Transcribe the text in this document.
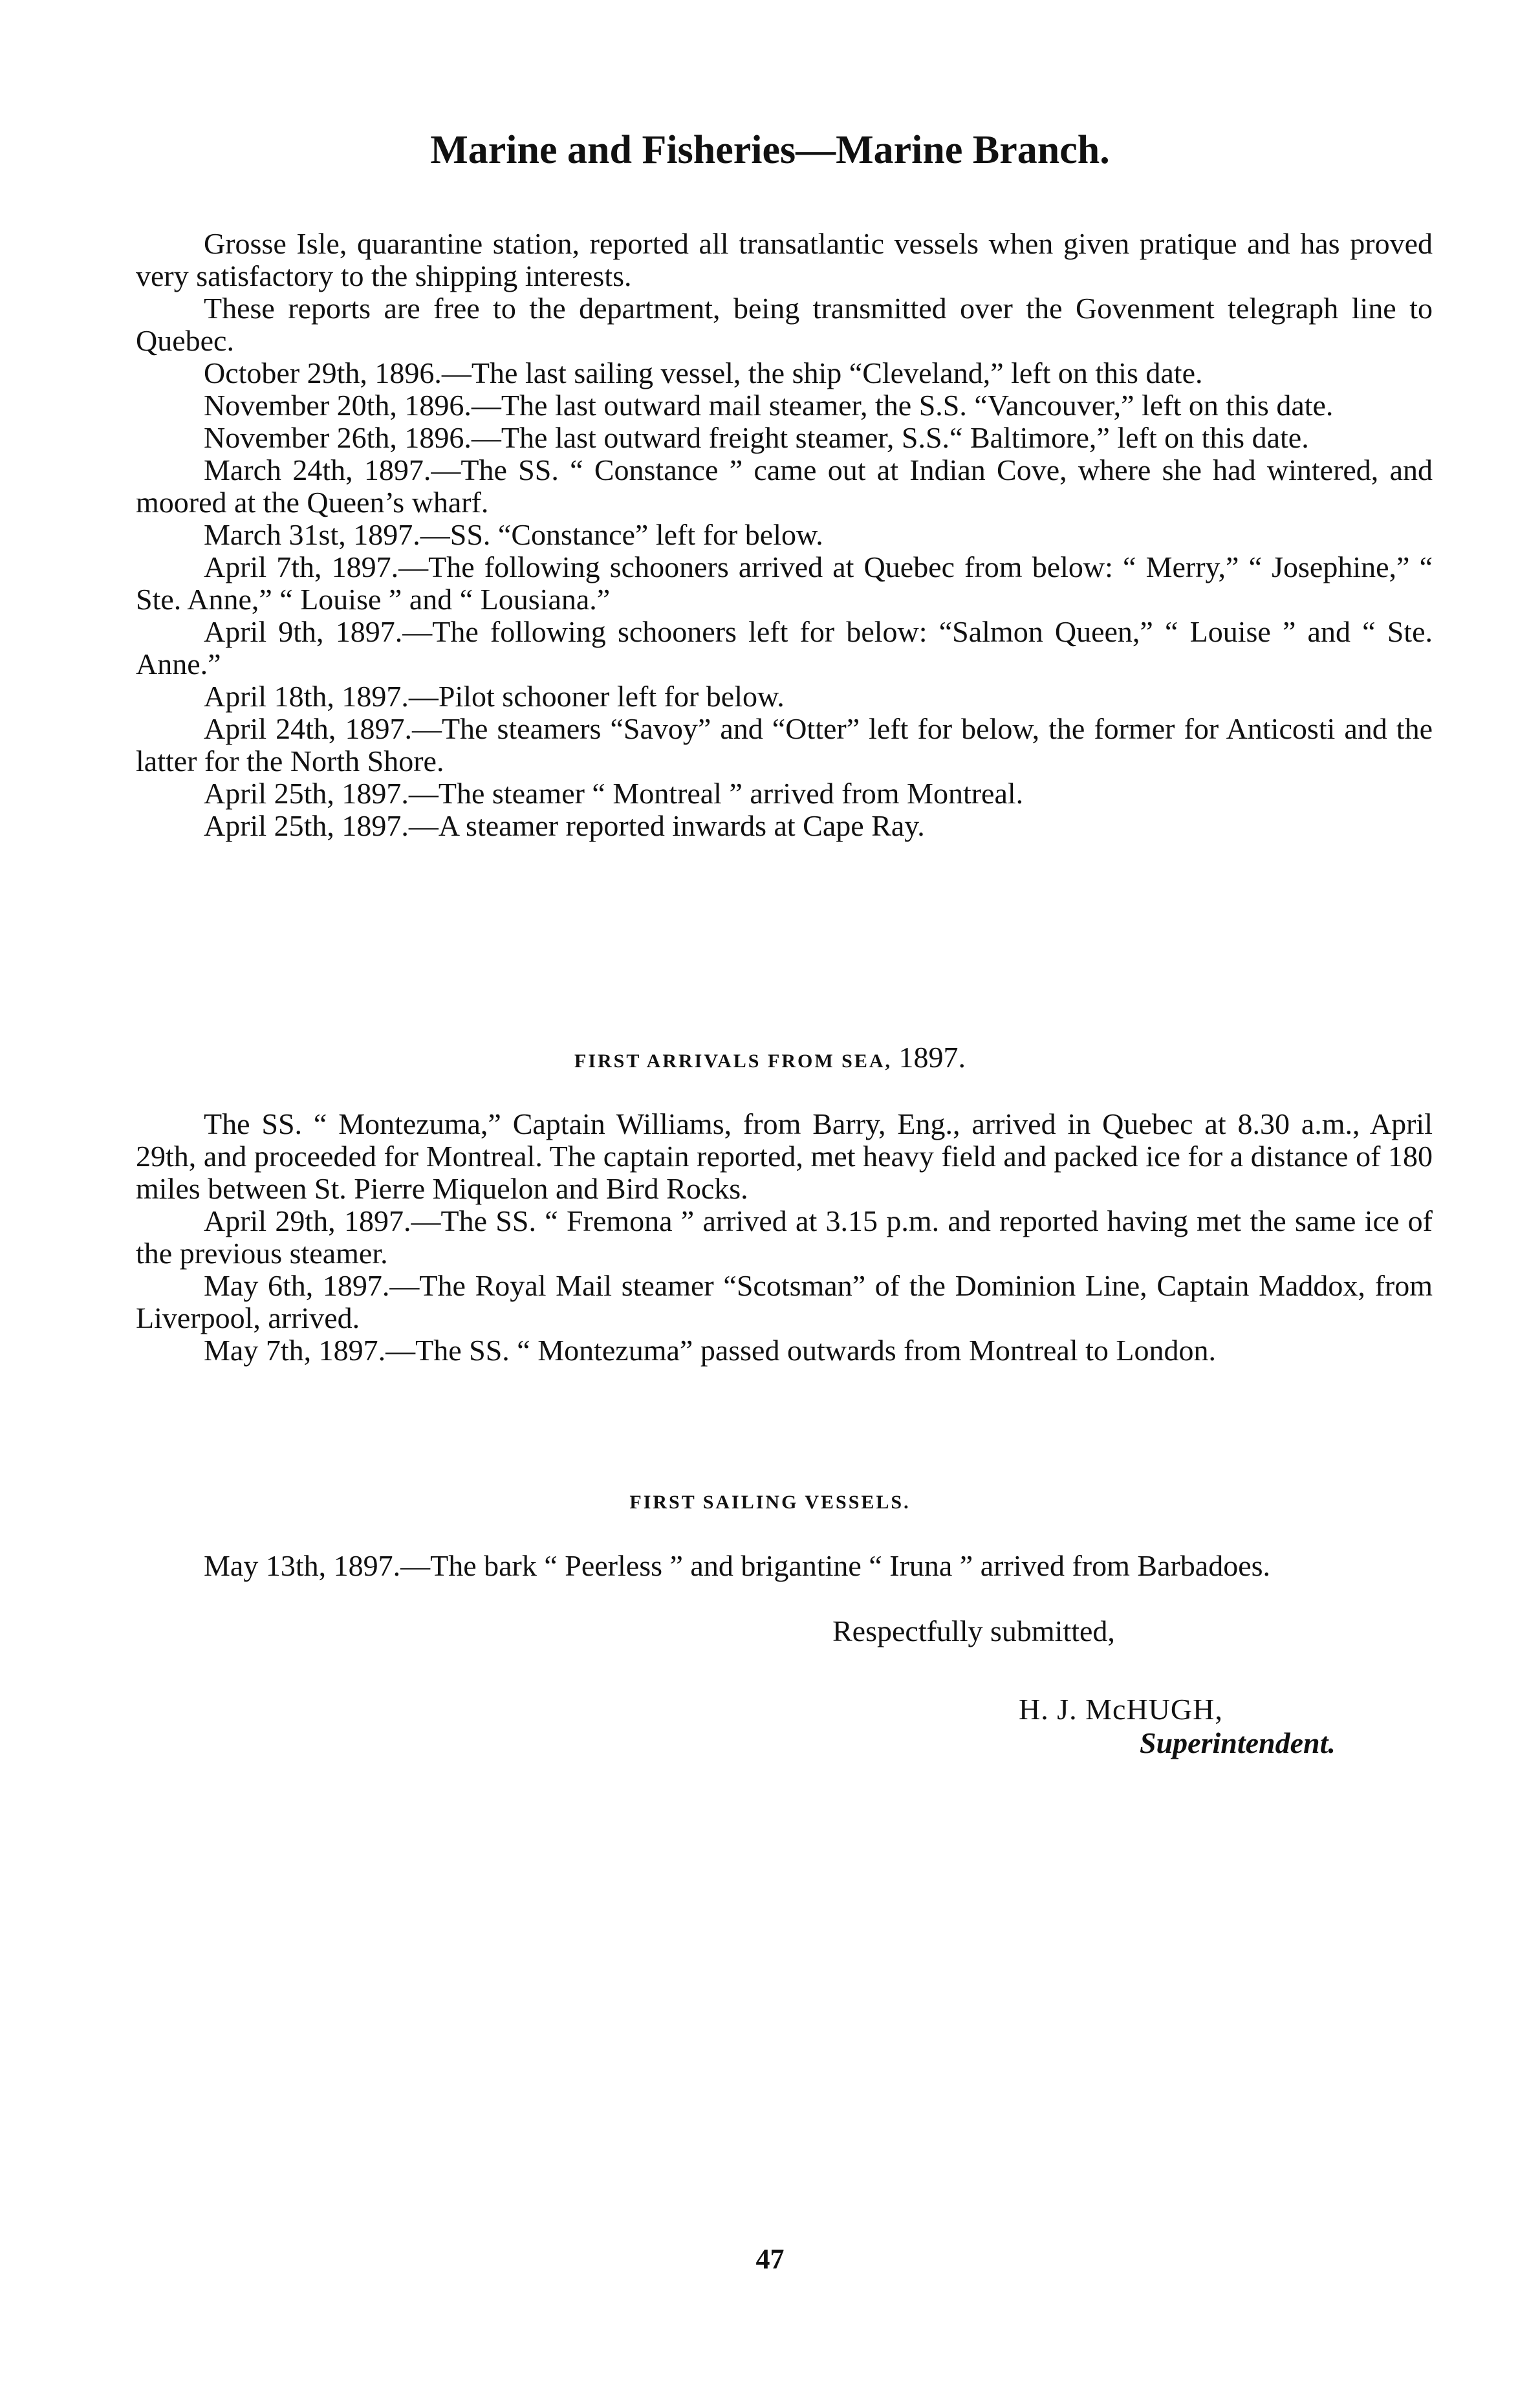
Marine and Fisheries—Marine Branch.

Grosse Isle, quarantine station, reported all transatlantic vessels when given pratique and has proved very satisfactory to the shipping interests.

These reports are free to the department, being transmitted over the Govenment telegraph line to Quebec.

October 29th, 1896.—The last sailing vessel, the ship “Cleveland,” left on this date.

November 20th, 1896.—The last outward mail steamer, the S.S. “Vancouver,” left on this date.

November 26th, 1896.—The last outward freight steamer, S.S.“ Baltimore,” left on this date.

March 24th, 1897.—The SS. “ Constance ” came out at Indian Cove, where she had wintered, and moored at the Queen’s wharf.

March 31st, 1897.—SS. “Constance” left for below.

April 7th, 1897.—The following schooners arrived at Quebec from below: “ Merry,” “ Josephine,” “ Ste. Anne,” “ Louise ” and “ Lousiana.”

April 9th, 1897.—The following schooners left for below: “Salmon Queen,” “ Louise ” and “ Ste. Anne.”

April 18th, 1897.—Pilot schooner left for below.

April 24th, 1897.—The steamers “Savoy” and “Otter” left for below, the former for Anticosti and the latter for the North Shore.

April 25th, 1897.—The steamer “ Montreal ” arrived from Montreal.

April 25th, 1897.—A steamer reported inwards at Cape Ray.

FIRST ARRIVALS FROM SEA, 1897.

The SS. “ Montezuma,” Captain Williams, from Barry, Eng., arrived in Quebec at 8.30 a.m., April 29th, and proceeded for Montreal. The captain reported, met heavy field and packed ice for a distance of 180 miles between St. Pierre Miquelon and Bird Rocks.

April 29th, 1897.—The SS. “ Fremona ” arrived at 3.15 p.m. and reported having met the same ice of the previous steamer.

May 6th, 1897.—The Royal Mail steamer “Scotsman” of the Dominion Line, Captain Maddox, from Liverpool, arrived.

May 7th, 1897.—The SS. “ Montezuma” passed outwards from Montreal to London.

FIRST SAILING VESSELS.

May 13th, 1897.—The bark “ Peerless ” and brigantine “ Iruna ” arrived from Barbadoes.

Respectfully submitted,
H. J. McHUGH,
Superintendent.
47
